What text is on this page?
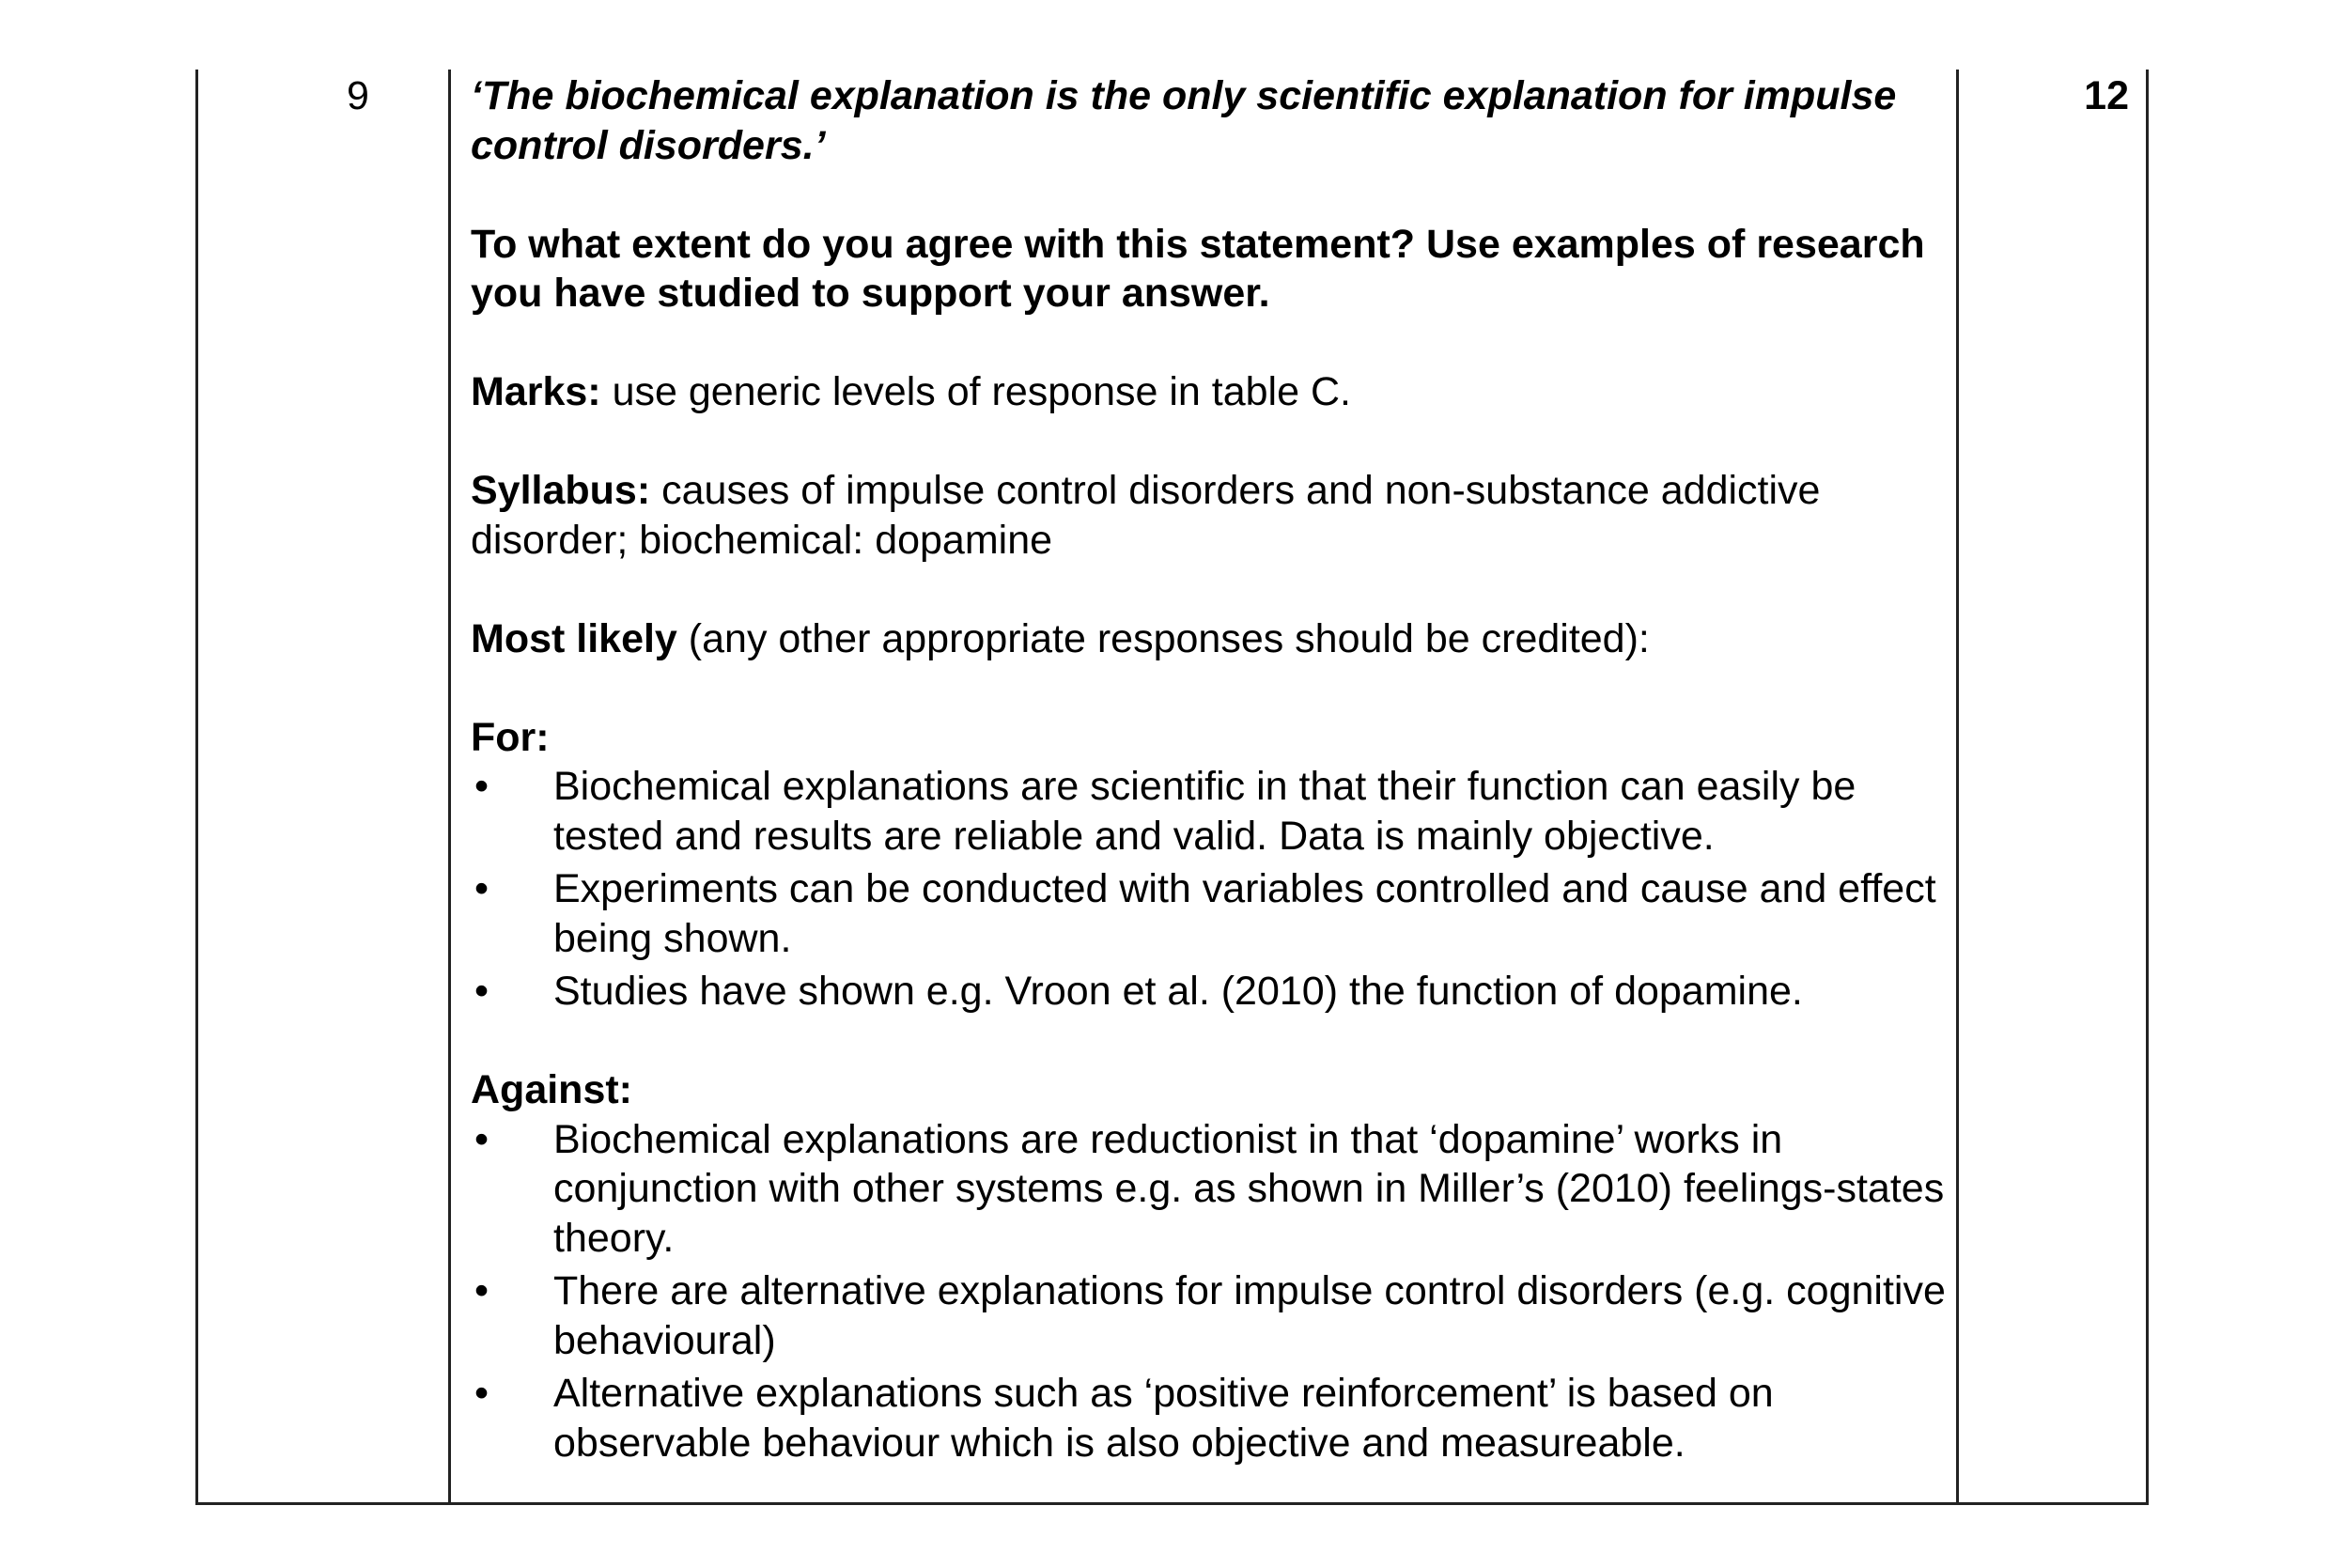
9	‘The biochemical explanation is the only scientific explanation for impulse control disorders.’

To what extent do you agree with this statement? Use examples of research you have studied to support your answer.

Marks: use generic levels of response in table C.

Syllabus: causes of impulse control disorders and non-substance addictive disorder; biochemical: dopamine

Most likely (any other appropriate responses should be credited):

For:
•	Biochemical explanations are scientific in that their function can easily be tested and results are reliable and valid. Data is mainly objective.
•	Experiments can be conducted with variables controlled and cause and effect being shown.
•	Studies have shown e.g. Vroon et al. (2010) the function of dopamine.
Against:
•	Biochemical explanations are reductionist in that ‘dopamine’ works in conjunction with other systems e.g. as shown in Miller’s (2010) feelings-states theory.
•	There are alternative explanations for impulse control disorders (e.g. cognitive behavioural)
•	Alternative explanations such as ‘positive reinforcement’ is based on observable behaviour which is also objective and measureable.
12
